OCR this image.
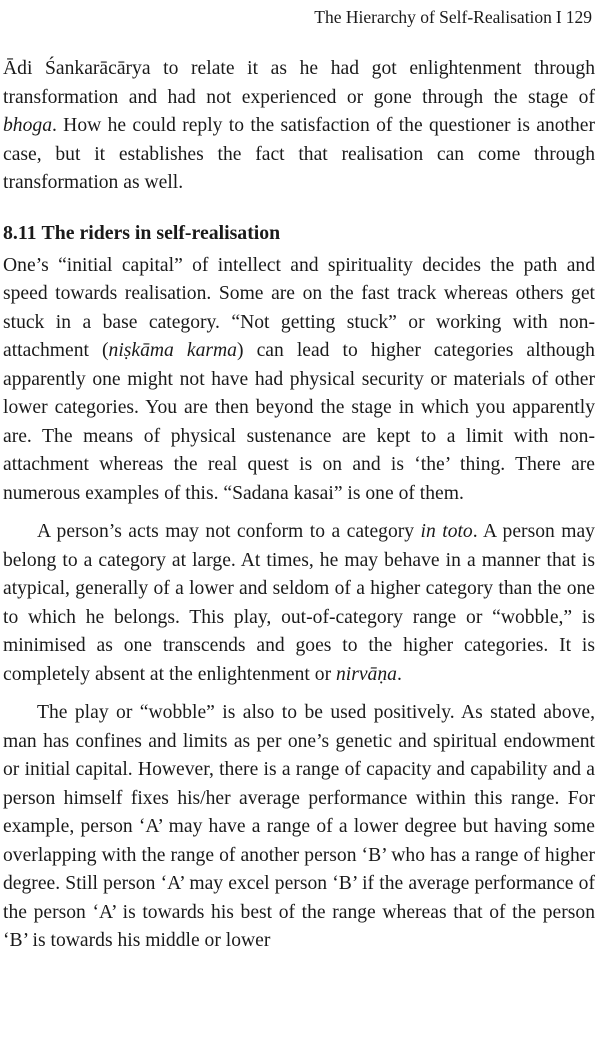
The Hierarchy of Self-Realisation I 129

Ādi Śankarācārya to relate it as he had got enlightenment through transformation and had not experienced or gone through the stage of bhoga. How he could reply to the satisfaction of the questioner is another case, but it establishes the fact that realisation can come through transformation as well.

8.11 The riders in self-realisation

One’s “initial capital” of intellect and spirituality decides the path and speed towards realisation. Some are on the fast track whereas others get stuck in a base category. “Not getting stuck” or working with non-attachment (niṣkāma karma) can lead to higher categories although apparently one might not have had physical security or materials of other lower categories. You are then beyond the stage in which you apparently are. The means of physical sustenance are kept to a limit with non-attachment whereas the real quest is on and is ‘the’ thing. There are numerous examples of this. “Sadana kasai” is one of them.

A person’s acts may not conform to a category in toto. A person may belong to a category at large. At times, he may behave in a manner that is atypical, generally of a lower and seldom of a higher category than the one to which he belongs. This play, out-of-category range or “wobble,” is minimised as one transcends and goes to the higher categories. It is completely absent at the enlightenment or nirvāṇa.

The play or “wobble” is also to be used positively. As stated above, man has confines and limits as per one’s genetic and spiritual endowment or initial capital. However, there is a range of capacity and capability and a person himself fixes his/her average performance within this range. For example, person ‘A’ may have a range of a lower degree but having some overlapping with the range of another person ‘B’ who has a range of higher degree. Still person ‘A’ may excel person ‘B’ if the average performance of the person ‘A’ is towards his best of the range whereas that of the person ‘B’ is towards his middle or lower
